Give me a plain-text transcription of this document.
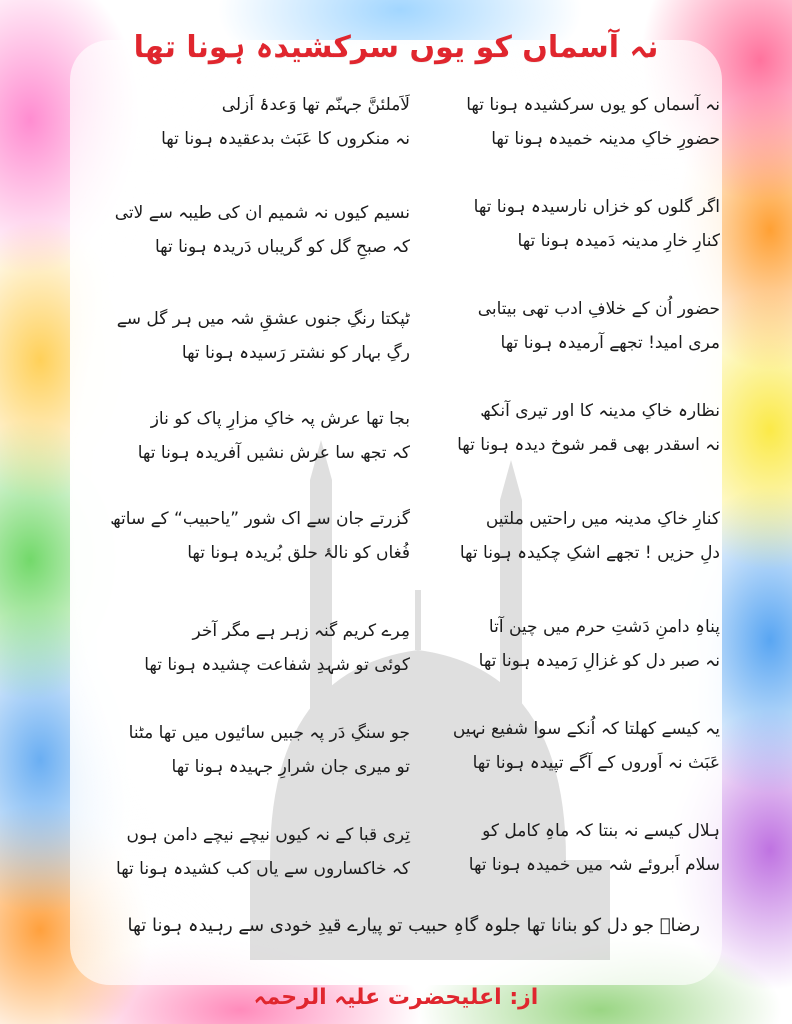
نہ آسماں کو یوں سرکشیدہ ہونا تھا
نہ آسماں کو یوں سرکشیدہ ہونا تھا
حضورِ خاکِ مدینہ خمیدہ ہونا تھا
اگر گلوں کو خزاں نارسیدہ ہونا تھا
کنارِ خارِ مدینہ دَمیدہ ہونا تھا
حضور اُن کے خلافِ ادب تھی بیتابی
مری امید! تجھے آرمیدہ ہونا تھا
نظارہ خاکِ مدینہ کا اور تیری آنکھ
نہ اسقدر بھی قمر شوخ دیدہ ہونا تھا
کنارِ خاکِ مدینہ میں راحتیں ملتیں
دلِ حزیں ! تجھے اشکِ چکیدہ ہونا تھا
پناہِ دامنِ دَشتِ حرم میں چین آتا
نہ صبر دل کو غزالِ رَمیدہ ہونا تھا
یہ کیسے کھلتا کہ اُنکے سوا شفیع نہیں
عَبَث نہ اَوروں کے آگے تپیدہ ہونا تھا
ہلال کیسے نہ بنتا کہ ماہِ کامل کو
سلام اَبروئے شہ میں خمیدہ ہونا تھا
لَاَملئنَّ جہنّم تھا وَعدۂ اَزلی
نہ منکروں کا عَبَث بدعقیدہ ہونا تھا
نسیم کیوں نہ شمیم ان کی طیبہ سے لاتی
کہ صبحِ گل کو گریباں دَریدہ ہونا تھا
ٹپکتا رنگِ جنوں عشقِ شہ میں ہر گل سے
رگِ بہار کو نشتر رَسیدہ ہونا تھا
بجا تھا عرش پہ خاکِ مزارِ پاک کو ناز
کہ تجھ سا عرش نشیں آفریدہ ہونا تھا
گزرتے جان سے اک شور ”یاحبیب“ کے ساتھ
فُغاں کو نالۂ حلق بُریدہ ہونا تھا
مِرے کریم گنہ زہر ہے مگر آخر
کوئی تو شہدِ شفاعت چشیدہ ہونا تھا
جو سنگِ دَر پہ جبیں سائیوں میں تھا مٹنا
تو میری جان شرارِ جہیدہ ہونا تھا
تِری قبا کے نہ کیوں نیچے نیچے دامن ہوں
کہ خاکساروں سے یاں کب کشیدہ ہونا تھا
رضاؔ جو دل کو بنانا تھا جلوہ گاہِ حبیب تو پیارے قیدِ خودی سے رہیدہ ہونا تھا
از: اعلیحضرت علیہ الرحمہ
